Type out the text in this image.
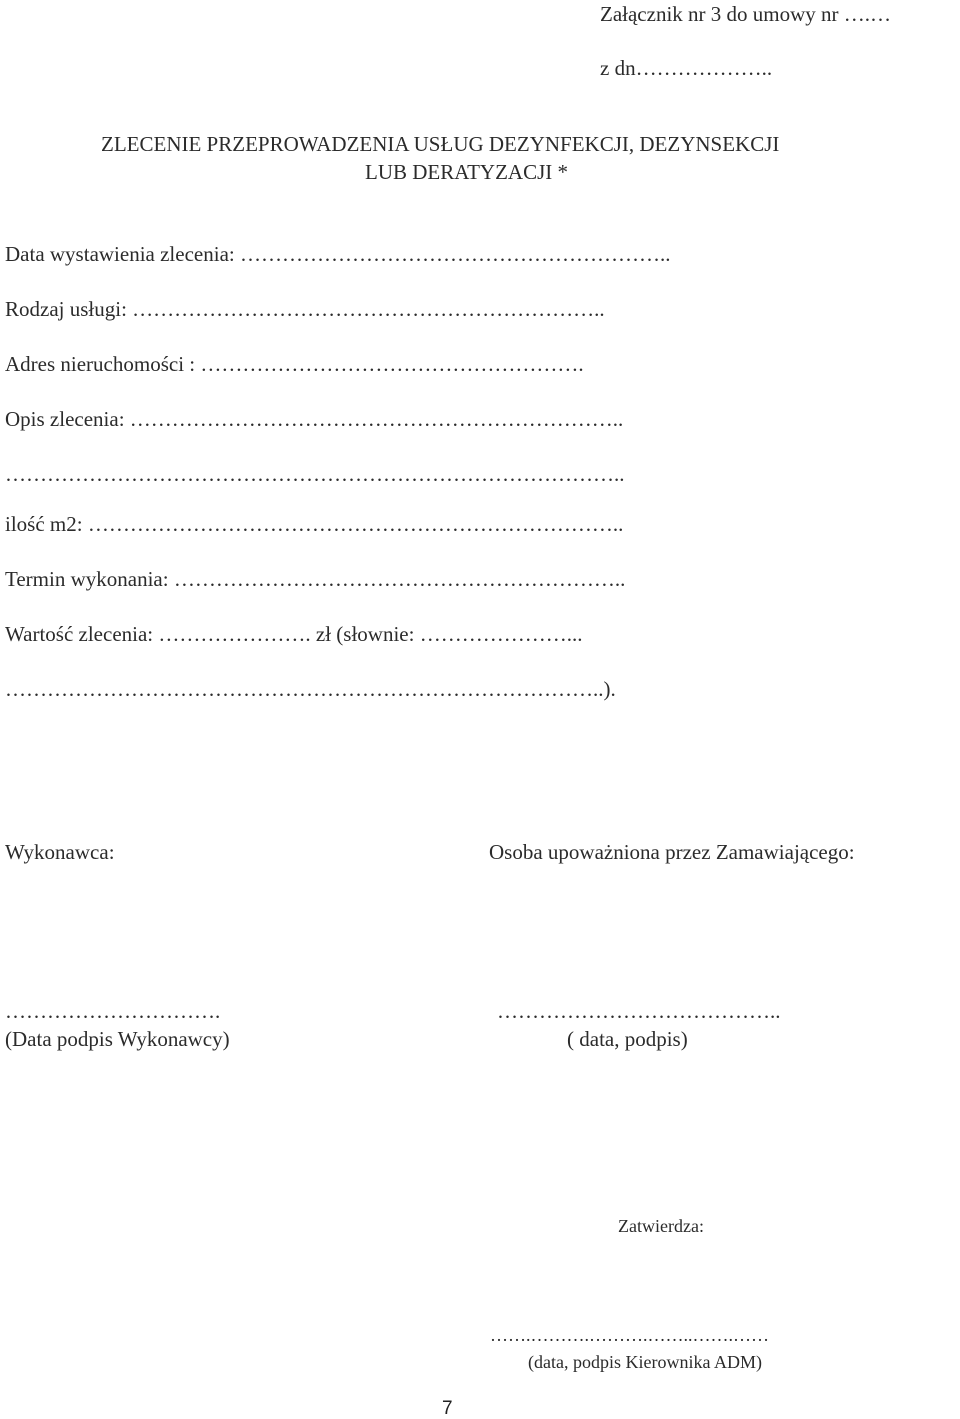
Załącznik nr 3 do umowy nr ….…
z dn………………..
ZLECENIE PRZEPROWADZENIA USŁUG DEZYNFEKCJI, DEZYNSEKCJI
LUB DERATYZACJI *
Data wystawienia zlecenia: ……………………………………………………..
Rodzaj usługi: …………………………………………………………..
Adres nieruchomości : ……………………………………………….
Opis zlecenia: ……………………………………………………………..
……………………………………………………………………………..
ilość m2: …………………………………………………………………..
Termin wykonania: ………………………………………………………..
Wartość zlecenia: …………………. zł (słownie: …………………...
…………………………………………………………………………..).
Wykonawca:	Osoba upoważniona przez Zamawiającego:
………………………….	…………………………………..
(Data podpis Wykonawcy)	( data, podpis)
Zatwierdza:
…….……….……….……..…….……
(data, podpis Kierownika ADM)
7
